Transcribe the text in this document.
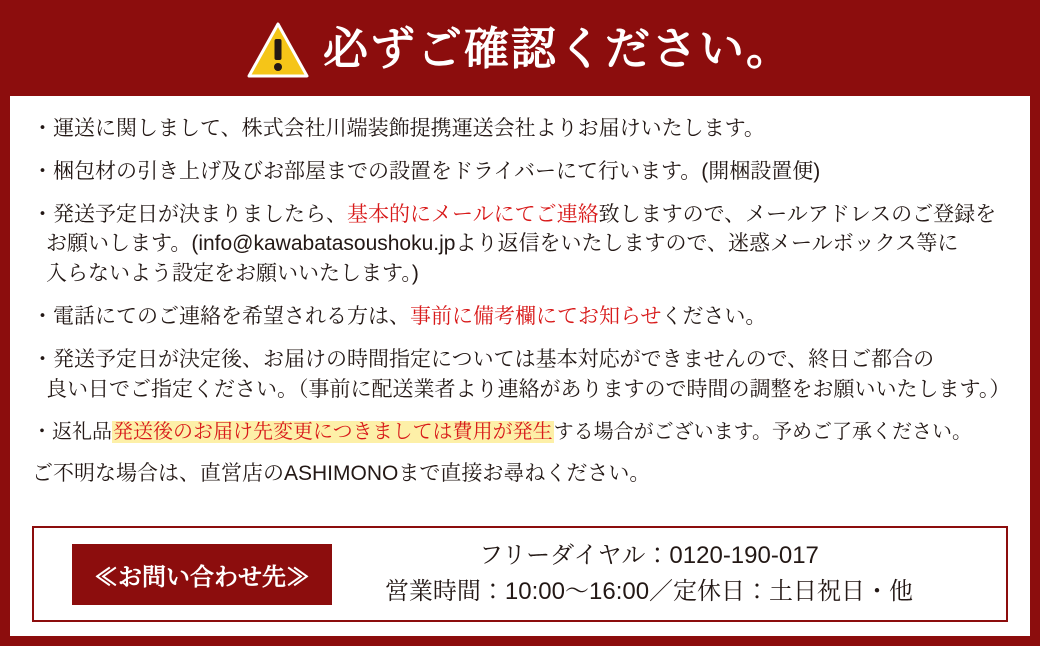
必ずご確認ください。

・運送に関しまして、株式会社川端装飾提携運送会社よりお届けいたします。

・梱包材の引き上げ及びお部屋までの設置をドライバーにて行います。(開梱設置便)

・発送予定日が決まりましたら、基本的にメールにてご連絡致しますので、メールアドレスのご登録を
お願いします。(info@kawabatasoushoku.jpより返信をいたしますので、迷惑メールボックス等に
入らないよう設定をお願いいたします。)

・電話にてのご連絡を希望される方は、事前に備考欄にてお知らせください。

・発送予定日が決定後、お届けの時間指定については基本対応ができませんので、終日ご都合の
良い日でご指定ください。（事前に配送業者より連絡がありますので時間の調整をお願いいたします。）

・返礼品発送後のお届け先変更につきましては費用が発生する場合がございます。予めご了承ください。

ご不明な場合は、直営店のASHIMONOまで直接お尋ねください。

≪お問い合わせ先≫
フリーダイヤル：0120-190-017
営業時間：10:00〜16:00／定休日：土日祝日・他
